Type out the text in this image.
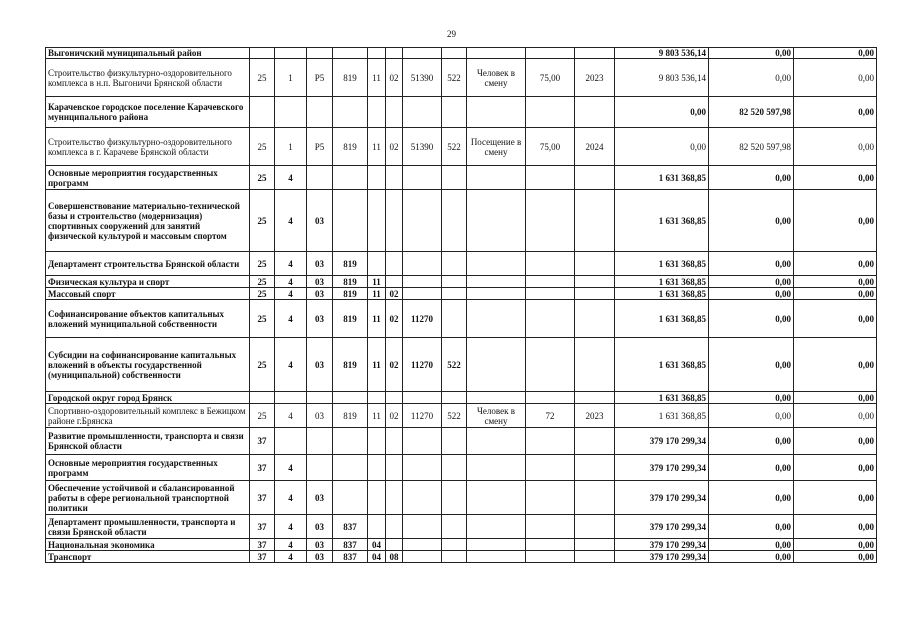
29
Выгоничский муниципальный район												9 803 536,14	0,00	0,00
Строительство физкультурно-оздоровительного комплекса в н.п. Выгоничи Брянской области	25	1	Р5	819	11	02	51390	522	Человек в смену	75,00	2023	9 803 536,14	0,00	0,00
Карачевское городское поселение Карачевского муниципального района												0,00	82 520 597,98	0,00
Строительство физкультурно-оздоровительного комплекса в г. Карачеве Брянской области	25	1	Р5	819	11	02	51390	522	Посещение в смену	75,00	2024	0,00	82 520 597,98	0,00
Основные мероприятия государственных программ	25	4										1 631 368,85	0,00	0,00
Совершенствование материально-технической базы и строительство (модернизация) спортивных сооружений для занятий физической культурой и массовым спортом	25	4	03									1 631 368,85	0,00	0,00
Департамент строительства Брянской области	25	4	03	819								1 631 368,85	0,00	0,00
Физическая культура и спорт	25	4	03	819	11							1 631 368,85	0,00	0,00
Массовый спорт	25	4	03	819	11	02						1 631 368,85	0,00	0,00
Софинансирование объектов капитальных вложений муниципальной собственности	25	4	03	819	11	02	11270					1 631 368,85	0,00	0,00
Субсидии на софинансирование капитальных вложений в объекты государственной (муниципальной) собственности	25	4	03	819	11	02	11270	522				1 631 368,85	0,00	0,00
Городской округ город Брянск												1 631 368,85	0,00	0,00
Спортивно-оздоровительный комплекс в Бежицком районе г.Брянска	25	4	03	819	11	02	11270	522	Человек в смену	72	2023	1 631 368,85	0,00	0,00
Развитие промышленности, транспорта и связи Брянской области	37											379 170 299,34	0,00	0,00
Основные мероприятия государственных программ	37	4										379 170 299,34	0,00	0,00
Обеспечение устойчивой и сбалансированной работы в сфере региональной транспортной политики	37	4	03									379 170 299,34	0,00	0,00
Департамент промышленности, транспорта и связи Брянской области	37	4	03	837								379 170 299,34	0,00	0,00
Национальная экономика	37	4	03	837	04							379 170 299,34	0,00	0,00
Транспорт	37	4	03	837	04	08						379 170 299,34	0,00	0,00
